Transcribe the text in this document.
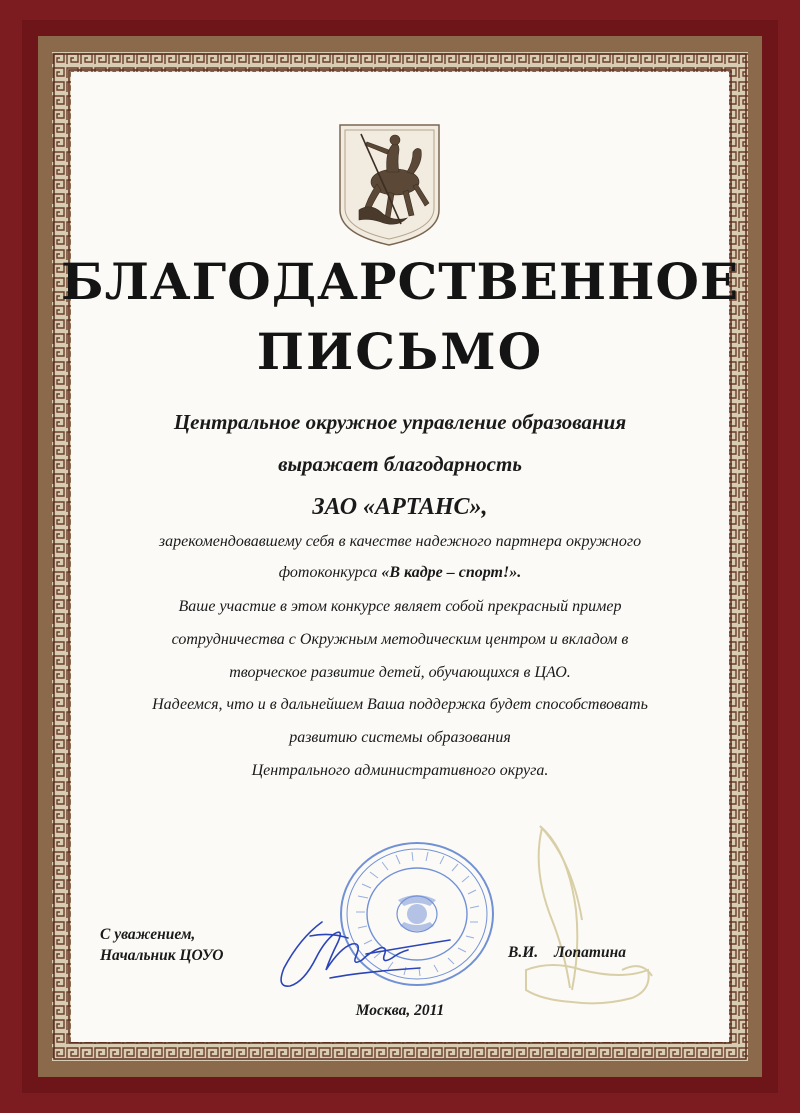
БЛАГОДАРСТВЕННОЕ
ПИСЬМО
Центральное окружное управление образования
выражает благодарность
ЗАО «АРТАНС»,
зарекомендовавшему себя в качестве надежного партнера окружного
фотоконкурса «В кадре – спорт!».
Ваше участие в этом конкурсе являет собой прекрасный пример
сотрудничества с Окружным методическим центром и вкладом в
творческое развитие детей, обучающихся в ЦАО.
Надеемся, что и в дальнейшем Ваша поддержка будет способствовать
развитию системы образования
Центрального административного округа.
С уважением,
Начальник ЦОУО	В.И. Лопатина
Москва, 2011
